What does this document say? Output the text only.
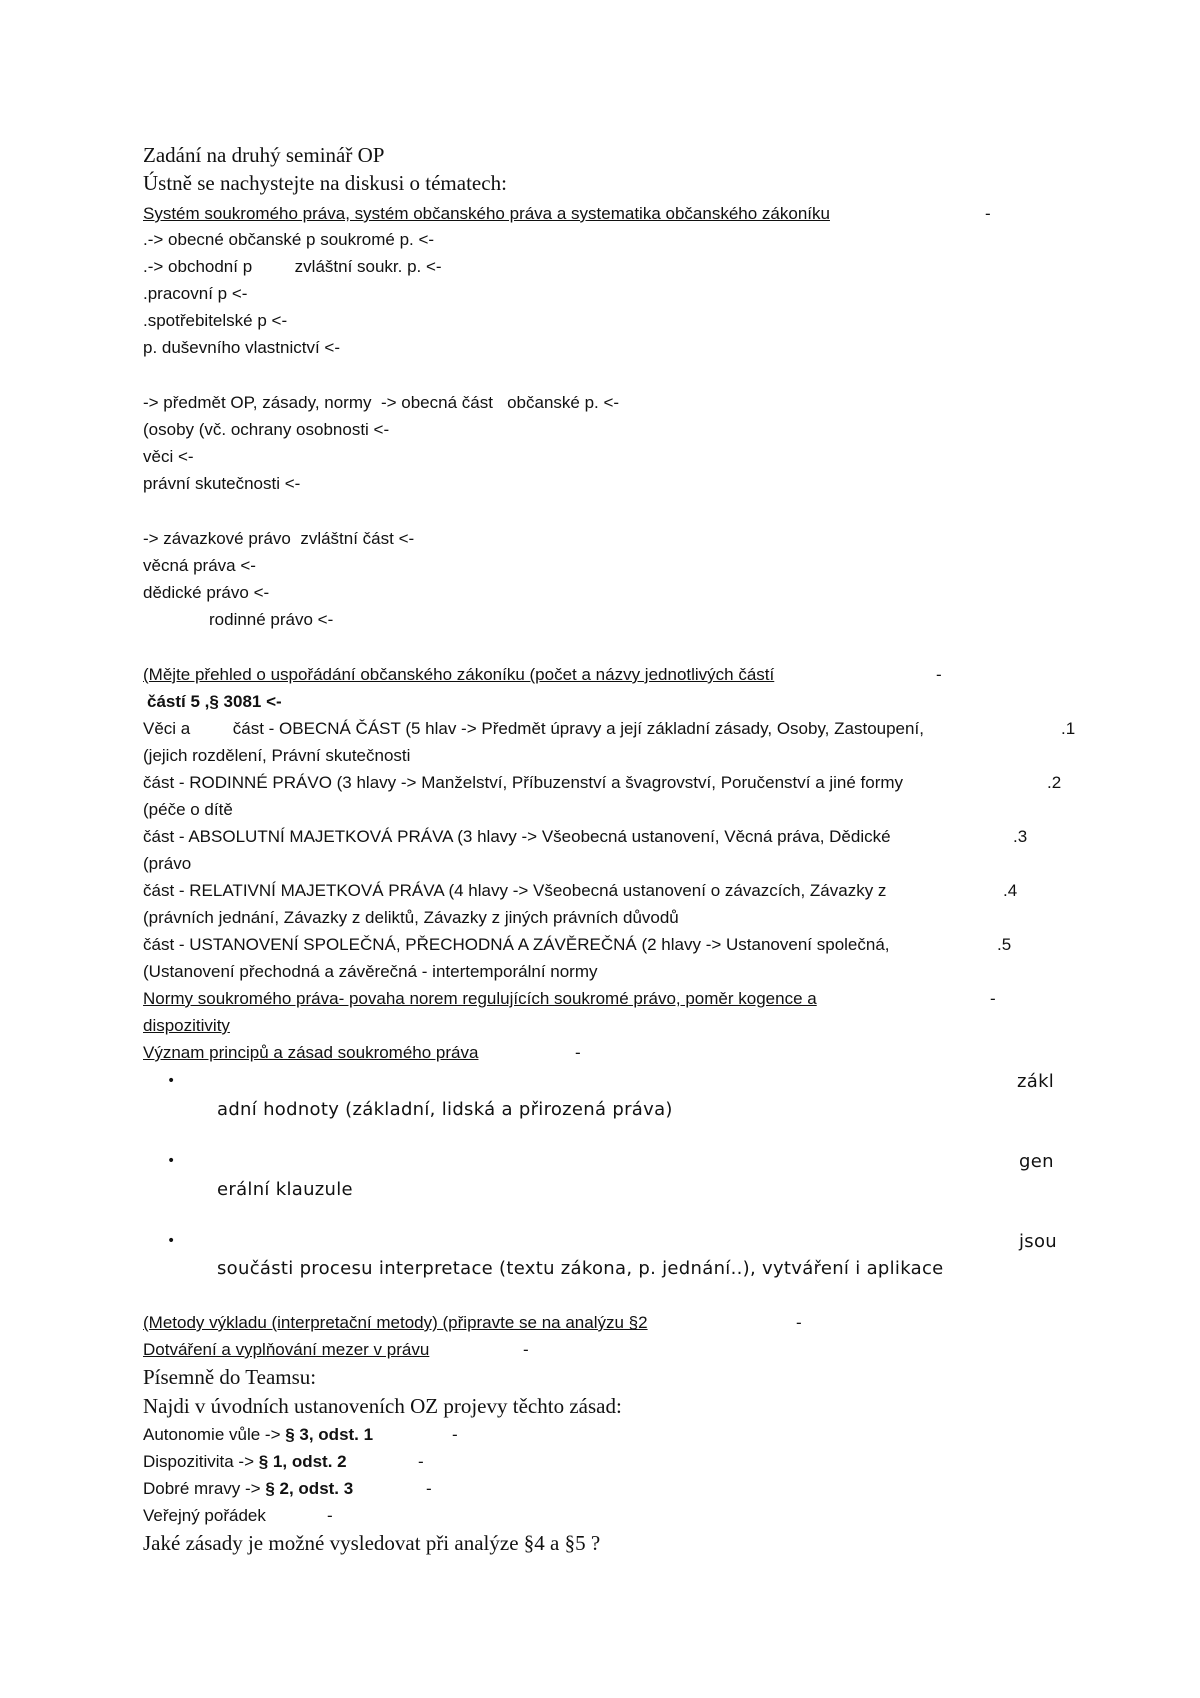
Zadání na druhý seminář OP
Ústně se nachystejte na diskusi o tématech:
Systém soukromého práva, systém občanského práva a systematika občanského zákoníku	-
.-> obecné občanské p soukromé p. <-
.-> obchodní p         zvláštní soukr. p. <-
.pracovní p <-
.spotřebitelské p <-
p. duševního vlastnictví <-
-> předmět OP, zásady, normy  -> obecná část   občanské p. <-
(osoby (vč. ochrany osobnosti <-
věci <-
právní skutečnosti <-
-> závazkové právo  zvláštní část <-
věcná práva <-
dědické právo <-
rodinné právo <-
(Mějte přehled o uspořádání občanského zákoníku (počet a názvy jednotlivých částí	-
částí 5 ,§ 3081 <-
Věci a         část - OBECNÁ ČÁST (5 hlav -> Předmět úpravy a její základní zásady, Osoby, Zastoupení,	.1
(jejich rozdělení, Právní skutečnosti
část - RODINNÉ PRÁVO (3 hlavy -> Manželství, Příbuzenství a švagrovství, Poručenství a jiné formy	.2
(péče o dítě
část - ABSOLUTNÍ MAJETKOVÁ PRÁVA (3 hlavy -> Všeobecná ustanovení, Věcná práva, Dědické	.3
(právo
část - RELATIVNÍ MAJETKOVÁ PRÁVA (4 hlavy -> Všeobecná ustanovení o závazcích, Závazky z	.4
(právních jednání, Závazky z deliktů, Závazky z jiných právních důvodů
část - USTANOVENÍ SPOLEČNÁ, PŘECHODNÁ A ZÁVĚREČNÁ (2 hlavy -> Ustanovení společná,	.5
(Ustanovení přechodná a závěrečná - intertemporální normy
Normy soukromého práva- povaha norem regulujících soukromé právo, poměr kogence a	-
dispozitivity
Význam principů a zásad soukromého práva	-
•	zákl
adní hodnoty (základní, lidská a přirozená práva)
•	gen
erální klauzule
•	jsou
součásti procesu interpretace (textu zákona, p. jednání..), vytváření i aplikace
(Metody výkladu (interpretační metody) (připravte se na analýzu §2	-
Dotváření a vyplňování mezer v právu	-
Písemně do Teamsu:
Najdi v úvodních ustanoveních OZ projevy těchto zásad:
Autonomie vůle -> § 3, odst. 1	-
Dispozitivita -> § 1, odst. 2	-
Dobré mravy -> § 2, odst. 3	-
Veřejný pořádek	-
Jaké zásady je možné vysledovat při analýze §4 a §5 ?
